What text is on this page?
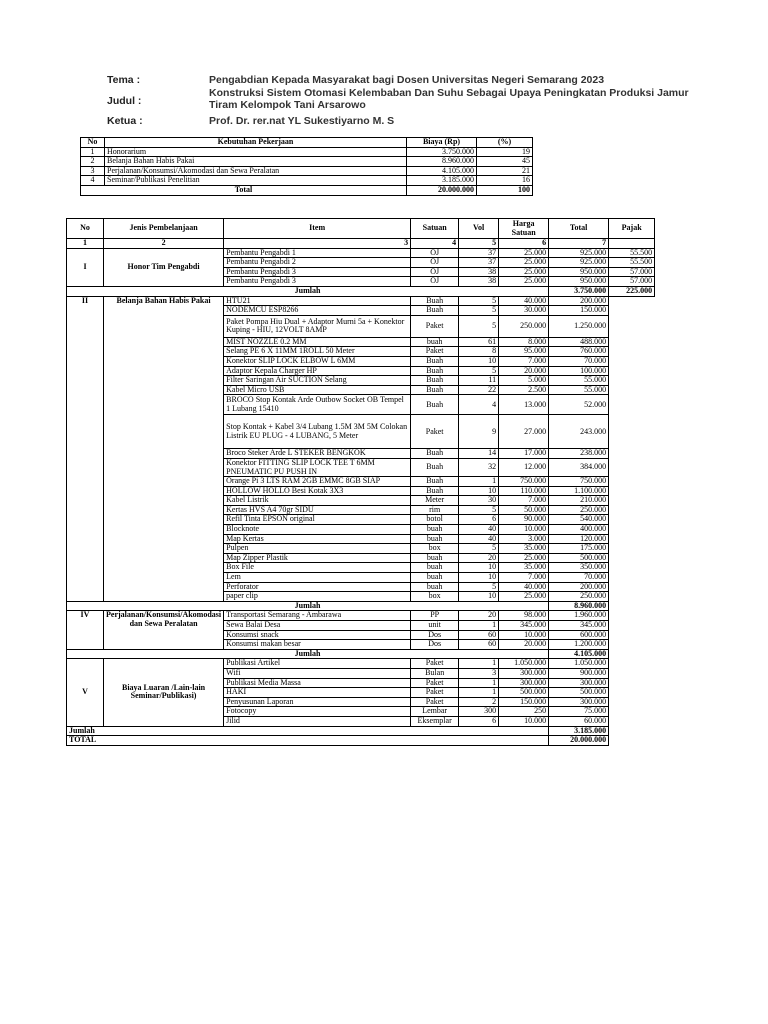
Tema :	Pengabdian Kepada Masyarakat bagi Dosen Universitas Negeri Semarang 2023
Judul :
Konstruksi Sistem Otomasi Kelembaban Dan Suhu Sebagai Upaya Peningkatan Produksi Jamur
Tiram Kelompok Tani Arsarowo
Ketua :	Prof. Dr. rer.nat YL Sukestiyarno M. S
No	Kebutuhan Pekerjaan	Biaya (Rp)	(%)
1	Honorarium	3.750.000	19
2	Belanja Bahan Habis Pakai	8.960.000	45
3	Perjalanan/Konsumsi/Akomodasi dan Sewa Peralatan	4.105.000	21
4	Seminar/Publikasi Penelitian	3.185.000	16
Total		20.000.000	100
No	Jenis Pembelanjaan	Item	Satuan	Vol	Harga Satuan	Total	Pajak
1	2	3	4	5	6	7	
I	Honor Tim Pengabdi	Pembantu Pengabdi 1	OJ	37	25.000	925.000	55.500
		Pembantu Pengabdi 2	OJ	37	25.000	925.000	55.500
		Pembantu Pengabdi 3	OJ	38	25.000	950.000	57.000
		Pembantu Pengabdi 3	OJ	38	25.000	950.000	57.000
Jumlah						3.750.000	225.000
II	Belanja Bahan Habis Pakai	HTU21	Buah	5	40.000	200.000	
		NODEMCU ESP8266	Buah	5	30.000	150.000	
		Paket Pompa Hiu Dual + Adaptor Murni 5a + Konektor Kuping - HIU, 12VOLT 8AMP	Paket	5	250.000	1.250.000	
		MIST NOZZLE 0.2 MM	buah	61	8.000	488.000	
		Selang PE 6 X 11MM 1ROLL 50 Meter	Paket	8	95.000	760.000	
		Konektor SLIP LOCK ELBOW L 6MM	Buah	10	7.000	70.000	
		Adaptor Kepala Charger HP	Buah	5	20.000	100.000	
		Filter Saringan Air SUCTION Selang	Buah	11	5.000	55.000	
		Kabel Micro USB	Buah	22	2.500	55.000	
		BROCO Stop Kontak Arde Outbow Socket OB Tempel 1 Lubang 15410	Buah	4	13.000	52.000	
		Stop Kontak + Kabel 3/4 Lubang 1.5M 3M 5M Colokan Listrik EU PLUG - 4 LUBANG, 5 Meter	Paket	9	27.000	243.000	
		Broco Steker Arde L STEKER BENGKOK	Buah	14	17.000	238.000	
		Konektor FITTING SLIP LOCK TEE T 6MM PNEUMATIC PU PUSH IN	Buah	32	12.000	384.000	
		Orange Pi 3 LTS RAM 2GB EMMC 8GB SIAP	Buah	1	750.000	750.000	
		HOLLOW HOLLO Besi Kotak 3X3	Buah	10	110.000	1.100.000	
		Kabel Listrik	Meter	30	7.000	210.000	
		Kertas HVS A4 70gr SIDU	rim	5	50.000	250.000	
		Refil Tinta EPSON original	botol	6	90.000	540.000	
		Blocknote	buah	40	10.000	400.000	
		Map Kertas	buah	40	3.000	120.000	
		Pulpen	box	5	35.000	175.000	
		Map Zipper Plastik	buah	20	25.000	500.000	
		Box File	buah	10	35.000	350.000	
		Lem	buah	10	7.000	70.000	
		Perforator	buah	5	40.000	200.000	
		paper clip	box	10	25.000	250.000	
Jumlah						8.960.000	
IV	Perjalanan/Konsumsi/Akomodasi dan Sewa Peralatan	Transportasi Semarang - Ambarawa	PP	20	98.000	1.960.000	
		Sewa Balai Desa	unit	1	345.000	345.000	
		Konsumsi snack	Dos	60	10.000	600.000	
		Konsumsi makan besar	Dos	60	20.000	1.200.000	
Jumlah						4.105.000	
V	Biaya Luaran /Lain-lain Seminar/Publikasi)	Publikasi Artikel	Paket	1	1.050.000	1.050.000	
		Wifi	Bulan	3	300.000	900.000	
		Publikasi Media Massa	Paket	1	300.000	300.000	
		HAKI	Paket	1	500.000	500.000	
		Penyusunan Laporan	Paket	2	150.000	300.000	
		Fotocopy	Lembar	300	250	75.000	
		Jilid	Eksemplar	6	10.000	60.000	
Jumlah						3.185.000	
TOTAL						20.000.000	
